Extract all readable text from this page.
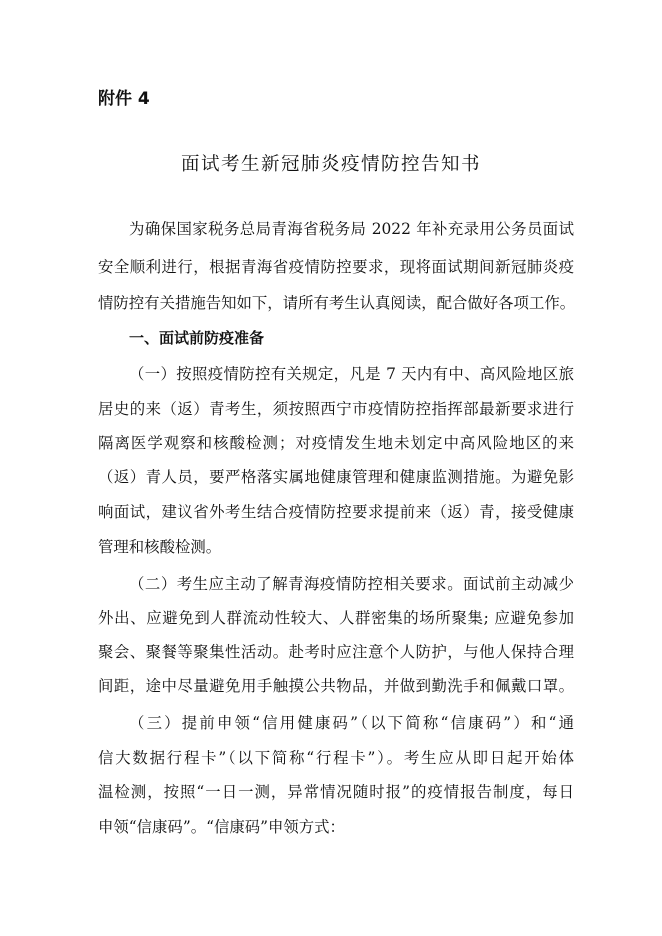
附件 4
面试考生新冠肺炎疫情防控告知书
为确保国家税务总局青海省税务局 2022 年补充录用公务员面试
安全顺利进行，根据青海省疫情防控要求，现将面试期间新冠肺炎疫
情防控有关措施告知如下，请所有考生认真阅读，配合做好各项工作。
一、面试前防疫准备
（一）按照疫情防控有关规定，凡是 7 天内有中、高风险地区旅
居史的来（返）青考生，须按照西宁市疫情防控指挥部最新要求进行
隔离医学观察和核酸检测；对疫情发生地未划定中高风险地区的来
（返）青人员，要严格落实属地健康管理和健康监测措施。为避免影
响面试，建议省外考生结合疫情防控要求提前来（返）青，接受健康
管理和核酸检测。
（二）考生应主动了解青海疫情防控相关要求。面试前主动减少
外出、应避免到人群流动性较大、人群密集的场所聚集; 应避免参加
聚会、聚餐等聚集性活动。赴考时应注意个人防护，与他人保持合理
间距，途中尽量避免用手触摸公共物品，并做到勤洗手和佩戴口罩。
（三）提前申领“信用健康码”（以下简称“信康码”）和“通
信大数据行程卡”（以下简称“行程卡”）。考生应从即日起开始体
温检测，按照“一日一测，异常情况随时报”的疫情报告制度，每日
申领“信康码”。“信康码”申领方式：
